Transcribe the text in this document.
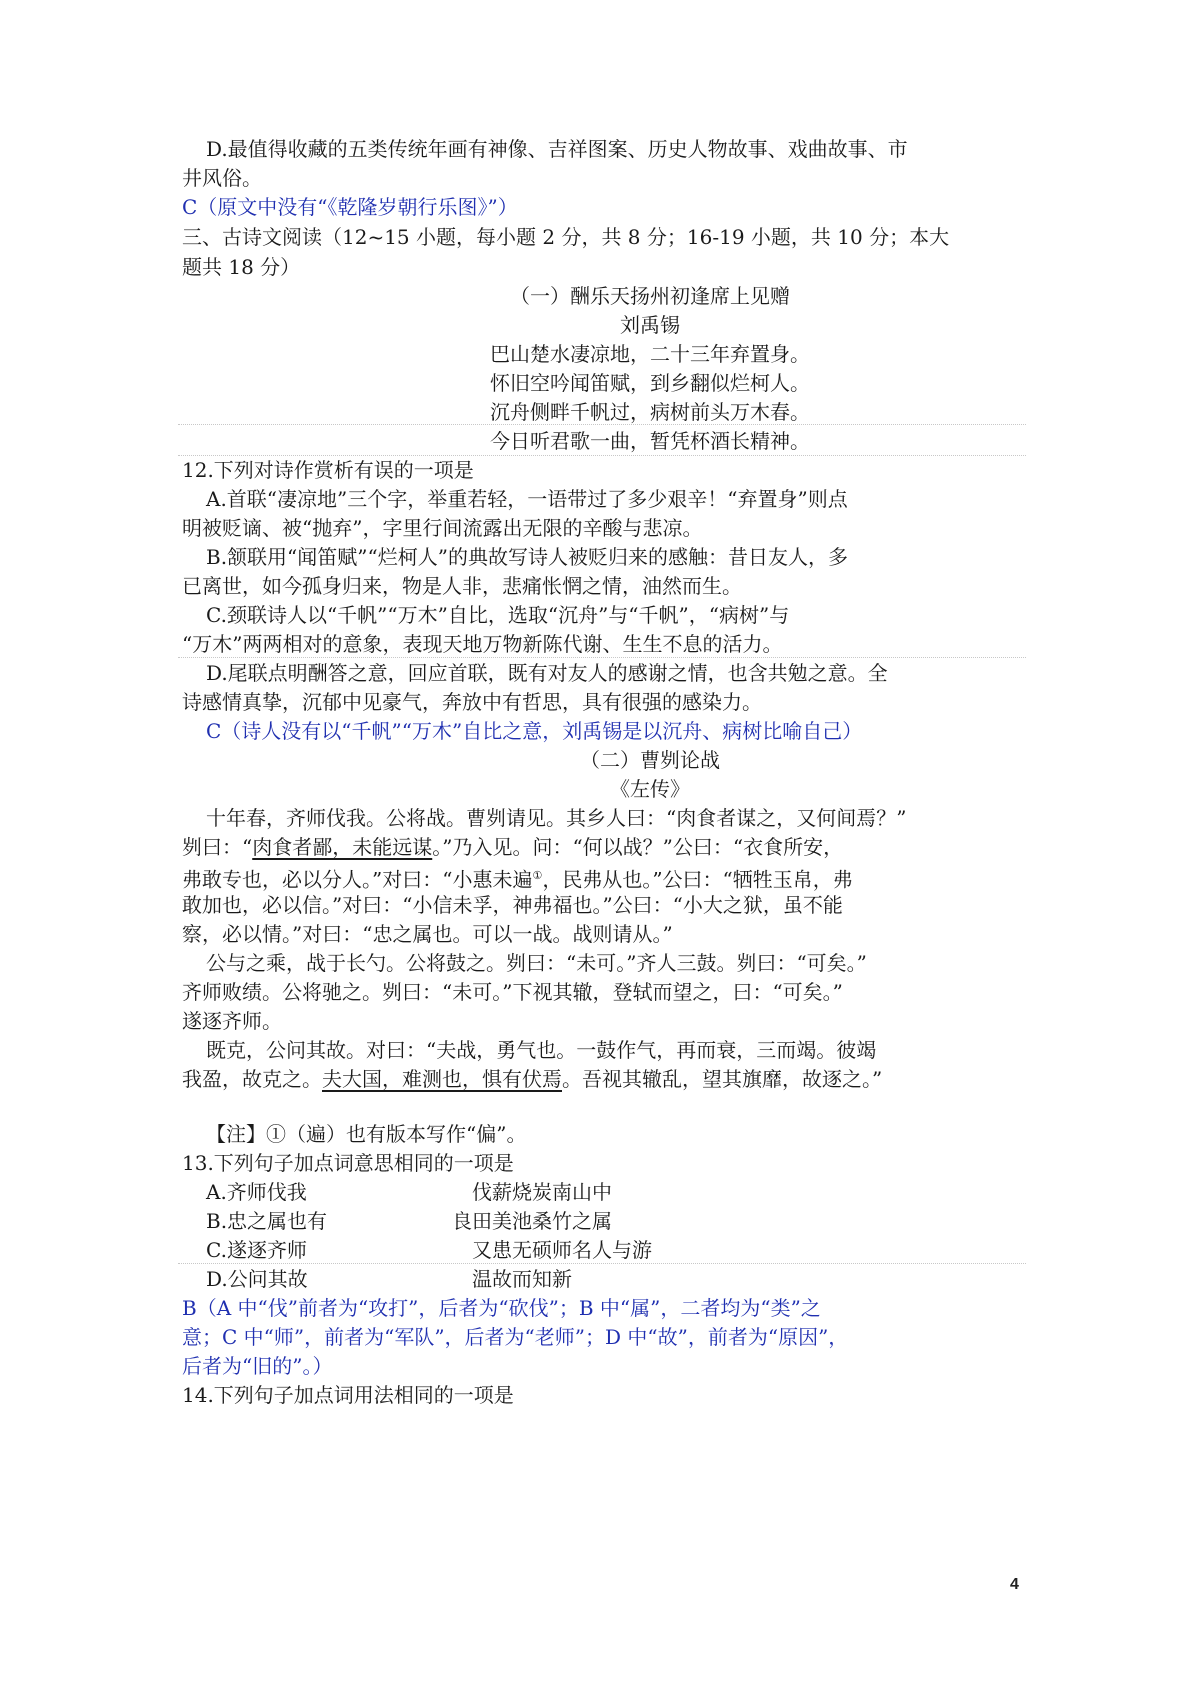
D.最值得收藏的五类传统年画有神像、吉祥图案、历史人物故事、戏曲故事、市
井风俗。
C（原文中没有“《乾隆岁朝行乐图》”）
三、古诗文阅读（12~15 小题，每小题 2 分，共 8 分；16-19 小题，共 10 分；本大
题共 18 分）
（一）酬乐天扬州初逢席上见赠
刘禹锡
巴山楚水凄凉地，二十三年弃置身。
怀旧空吟闻笛赋，到乡翻似烂柯人。
沉舟侧畔千帆过，病树前头万木春。
今日听君歌一曲，暂凭杯酒长精神。
12.下列对诗作赏析有误的一项是
A.首联“凄凉地”三个字，举重若轻，一语带过了多少艰辛！“弃置身”则点
明被贬谪、被“抛弃”，字里行间流露出无限的辛酸与悲凉。
B.颔联用“闻笛赋”“烂柯人”的典故写诗人被贬归来的感触：昔日友人，多
已离世，如今孤身归来，物是人非，悲痛怅惘之情，油然而生。
C.颈联诗人以“千帆”“万木”自比，选取“沉舟”与“千帆”，“病树”与
“万木”两两相对的意象，表现天地万物新陈代谢、生生不息的活力。
D.尾联点明酬答之意，回应首联，既有对友人的感谢之情，也含共勉之意。全
诗感情真挚，沉郁中见豪气，奔放中有哲思，具有很强的感染力。
C（诗人没有以“千帆”“万木”自比之意，刘禹锡是以沉舟、病树比喻自己）
（二）曹刿论战
《左传》
十年春，齐师伐我。公将战。曹刿请见。其乡人曰：“肉食者谋之，又何间焉？”
刿曰：“肉食者鄙，未能远谋。”乃入见。问：“何以战？”公曰：“衣食所安，
弗敢专也，必以分人。”对曰：“小惠未遍①，民弗从也。”公曰：“牺牲玉帛，弗
敢加也，必以信。”对曰：“小信未孚，神弗福也。”公曰：“小大之狱，虽不能
察，必以情。”对曰：“忠之属也。可以一战。战则请从。”
公与之乘，战于长勺。公将鼓之。刿曰：“未可。”齐人三鼓。刿曰：“可矣。”
齐师败绩。公将驰之。刿曰：“未可。”下视其辙，登轼而望之，曰：“可矣。”
遂逐齐师。
既克，公问其故。对曰：“夫战，勇气也。一鼓作气，再而衰，三而竭。彼竭
我盈，故克之。夫大国，难测也，惧有伏焉。吾视其辙乱，望其旗靡，故逐之。”
【注】①（遍）也有版本写作“偏”。
13.下列句子加点词意思相同的一项是
A.齐师伐我	伐薪烧炭南山中
B.忠之属也有	良田美池桑竹之属
C.遂逐齐师	又患无硕师名人与游
D.公问其故	温故而知新
B（A 中“伐”前者为“攻打”，后者为“砍伐”；B 中“属”，二者均为“类”之
意；C 中“师”，前者为“军队”，后者为“老师”；D 中“故”，前者为“原因”，
后者为“旧的”。）
14.下列句子加点词用法相同的一项是
4
